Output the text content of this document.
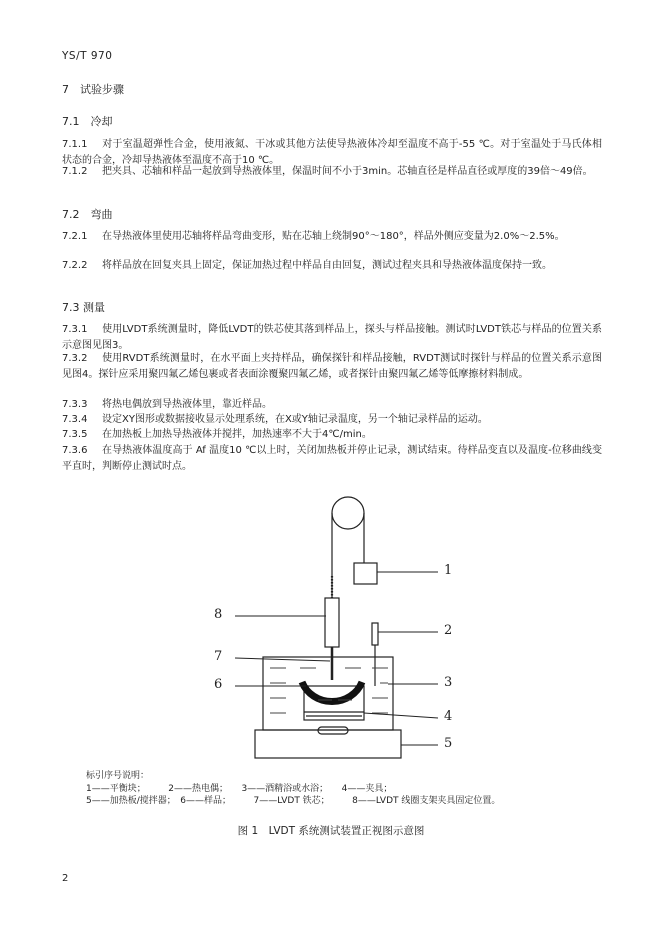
YS/T 970
7　试验步骤
7.1　冷却
7.1.1 对于室温超弹性合金，使用液氮、干冰或其他方法使导热液体冷却至温度不高于-55 ℃。对于室温处于马氏体相状态的合金，冷却导热液体至温度不高于10 ℃。
7.1.2 把夹具、芯轴和样品一起放到导热液体里，保温时间不小于3min。芯轴直径是样品直径或厚度的39倍～49倍。
7.2　弯曲
7.2.1 在导热液体里使用芯轴将样品弯曲变形，贴在芯轴上绕制90°～180°，样品外侧应变量为2.0%～2.5%。
7.2.2 将样品放在回复夹具上固定，保证加热过程中样品自由回复，测试过程夹具和导热液体温度保持一致。
7.3 测量
7.3.1 使用LVDT系统测量时，降低LVDT的铁芯使其落到样品上，探头与样品接触。测试时LVDT铁芯与样品的位置关系示意图见图3。
7.3.2 使用RVDT系统测量时，在水平面上夹持样品，确保探针和样品接触，RVDT测试时探针与样品的位置关系示意图见图4。探针应采用聚四氟乙烯包裹或者表面涂覆聚四氟乙烯，或者探针由聚四氟乙烯等低摩擦材料制成。
7.3.3 将热电偶放到导热液体里，靠近样品。
7.3.4 设定XY图形或数据接收显示处理系统，在X或Y轴记录温度，另一个轴记录样品的运动。
7.3.5 在加热板上加热导热液体并搅拌，加热速率不大于4℃/min。
7.3.6 在导热液体温度高于 Af 温度10 ℃以上时，关闭加热板并停止记录，测试结束。待样品变直以及温度-位移曲线变平直时，判断停止测试时点。
1
2
3
4
5
6
7
8
标引序号说明：
1——平衡块；　　　2——热电偶；　　3——酒精浴或水浴；　　4——夹具；
图 1　LVDT 系统测试装置正视图示意图
5——加热板/搅拌器；　6——样品；　　　7——LVDT 铁芯；　　　8——LVDT 线圈支架夹具固定位置。
2
